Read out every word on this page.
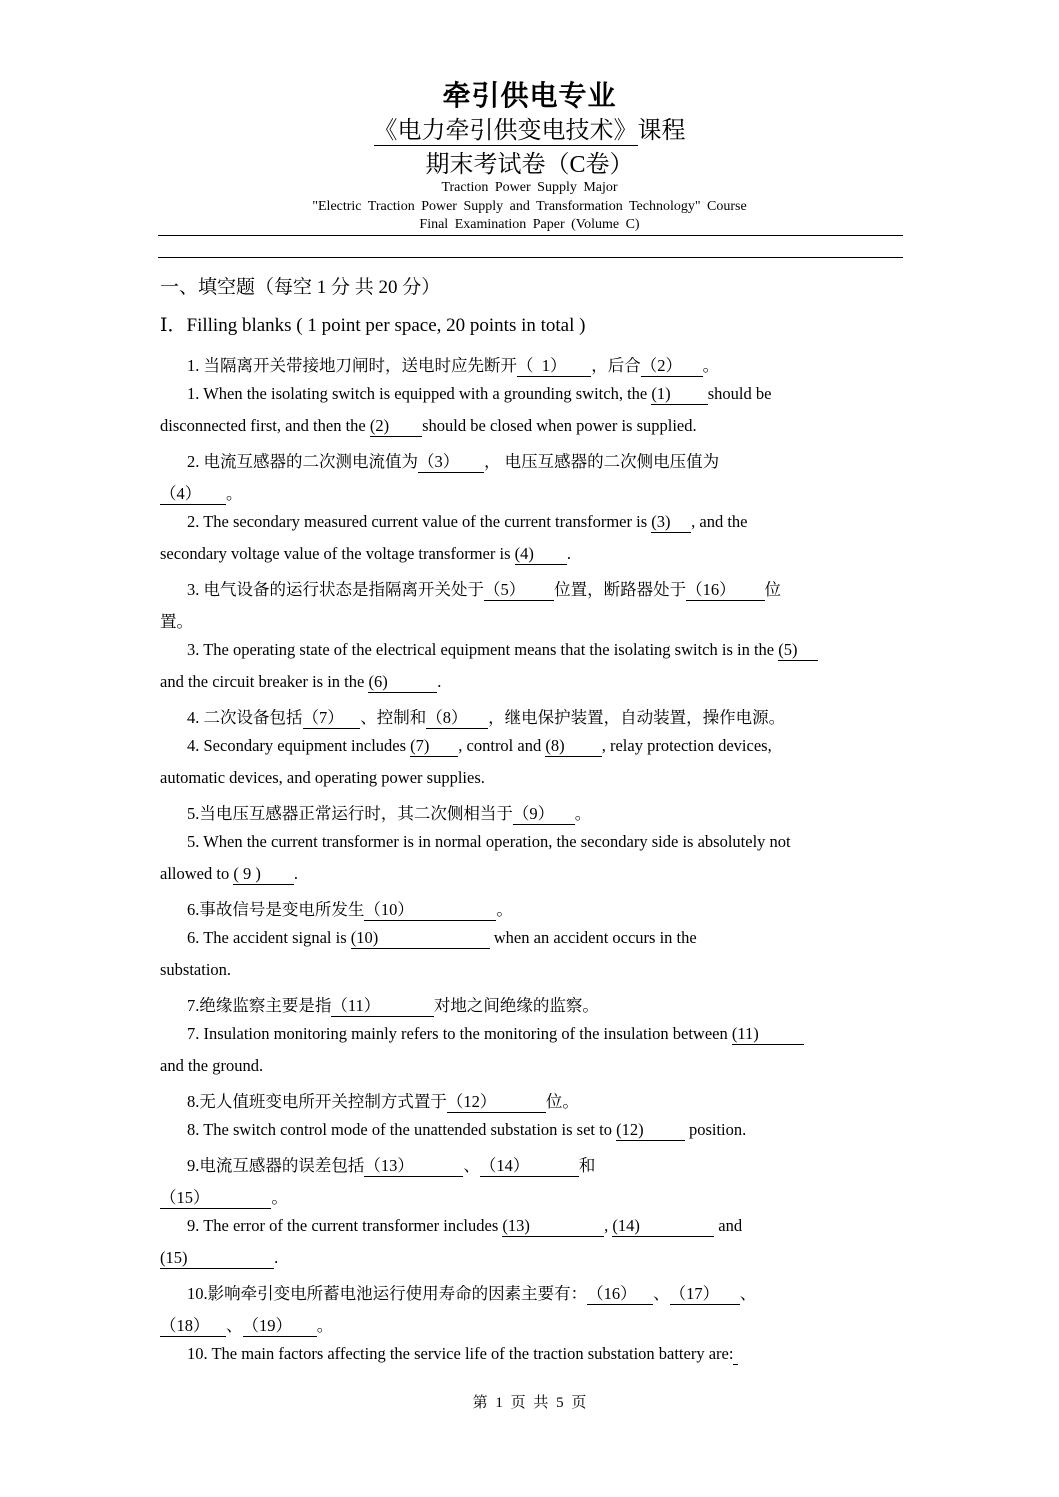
牵引供电专业
《电力牵引供变电技术》课程
期末考试卷（C卷）
Traction Power Supply Major
"Electric Traction Power Supply and Transformation Technology" Course
Final Examination Paper (Volume C)
一、填空题（每空 1 分 共 20 分）
Ⅰ．Filling blanks ( 1 point per space, 20 points in total )
1. 当隔离开关带接地刀闸时，送电时应先断开（  1）      ，后合（2）     。
1. When the isolating switch is equipped with a grounding switch, the (1)         should be
disconnected first, and then the (2)        should be closed when power is supplied.
2. 电流互感器的二次测电流值为（3）      ， 电压互感器的二次侧电压值为
（4）      。
2. The secondary measured current value of the current transformer is (3)     , and the
secondary voltage value of the voltage transformer is (4)        .
3. 电气设备的运行状态是指隔离开关处于（5）       位置，断路器处于（16）       位
置。
3. The operating state of the electrical equipment means that the isolating switch is in the (5)
and the circuit breaker is in the (6)            .
4. 二次设备包括（7）    、控制和（8）     ，继电保护装置，自动装置，操作电源。
4. Secondary equipment includes (7)       , control and (8)         , relay protection devices,
automatic devices, and operating power supplies.
5.当电压互感器正常运行时，其二次侧相当于（9）     。
5. When the current transformer is in normal operation, the secondary side is absolutely not
allowed to ( 9 )        .
6.事故信号是变电所发生（10）                    。
6. The accident signal is (10)                            when an accident occurs in the
substation.
7.绝缘监察主要是指（11）             对地之间绝缘的监察。
7. Insulation monitoring mainly refers to the monitoring of the insulation between (11)
and the ground.
8.无人值班变电所开关控制方式置于（12）            位。
8. The switch control mode of the unattended substation is set to (12)           position.
9.电流互感器的误差包括（13）            、（14）            和
（15）               。
9. The error of the current transformer includes (13)                  , (14)                   and
(15)                     .
10.影响牵引变电所蓄电池运行使用寿命的因素主要有：（16）    、（17）     、
（18）    、（19）      。
10. The main factors affecting the service life of the traction substation battery are:
第 1 页 共 5 页
